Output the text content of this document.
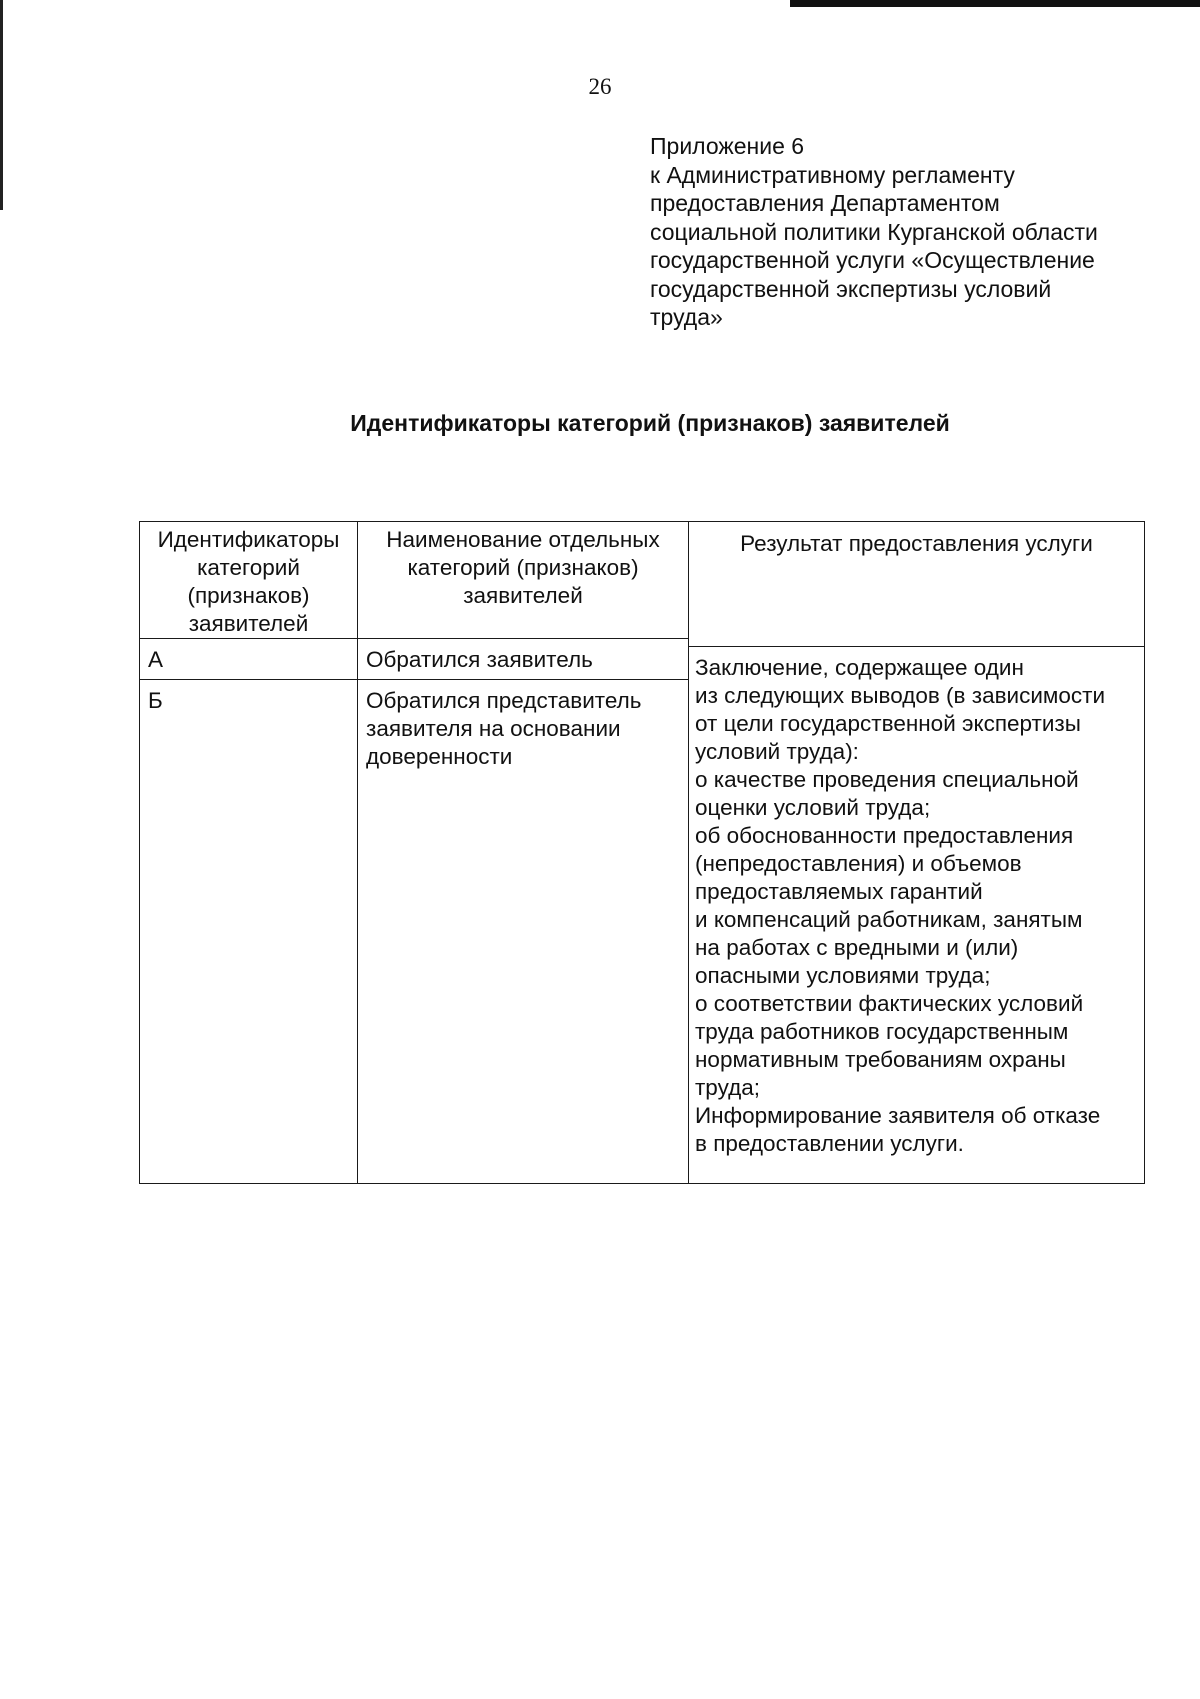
26
Приложение 6
к Административному регламенту
предоставления Департаментом
социальной политики Курганской области
государственной услуги «Осуществление
государственной экспертизы условий
труда»
Идентификаторы категорий (признаков) заявителей
Идентификаторы
категорий
(признаков)
заявителей
Наименование отдельных
категорий (признаков)
заявителей
Результат предоставления услуги
А	Обратился заявитель
Б	Обратился представитель
заявителя на основании
доверенности
Заключение, содержащее один
из следующих выводов (в зависимости
от цели государственной экспертизы
условий труда):
о качестве проведения специальной
оценки условий труда;
об обоснованности предоставления
(непредоставления) и объемов
предоставляемых гарантий
и компенсаций работникам, занятым
на работах с вредными и (или)
опасными условиями труда;
о соответствии фактических условий
труда работников государственным
нормативным требованиям охраны
труда;
Информирование заявителя об отказе
в предоставлении услуги.
